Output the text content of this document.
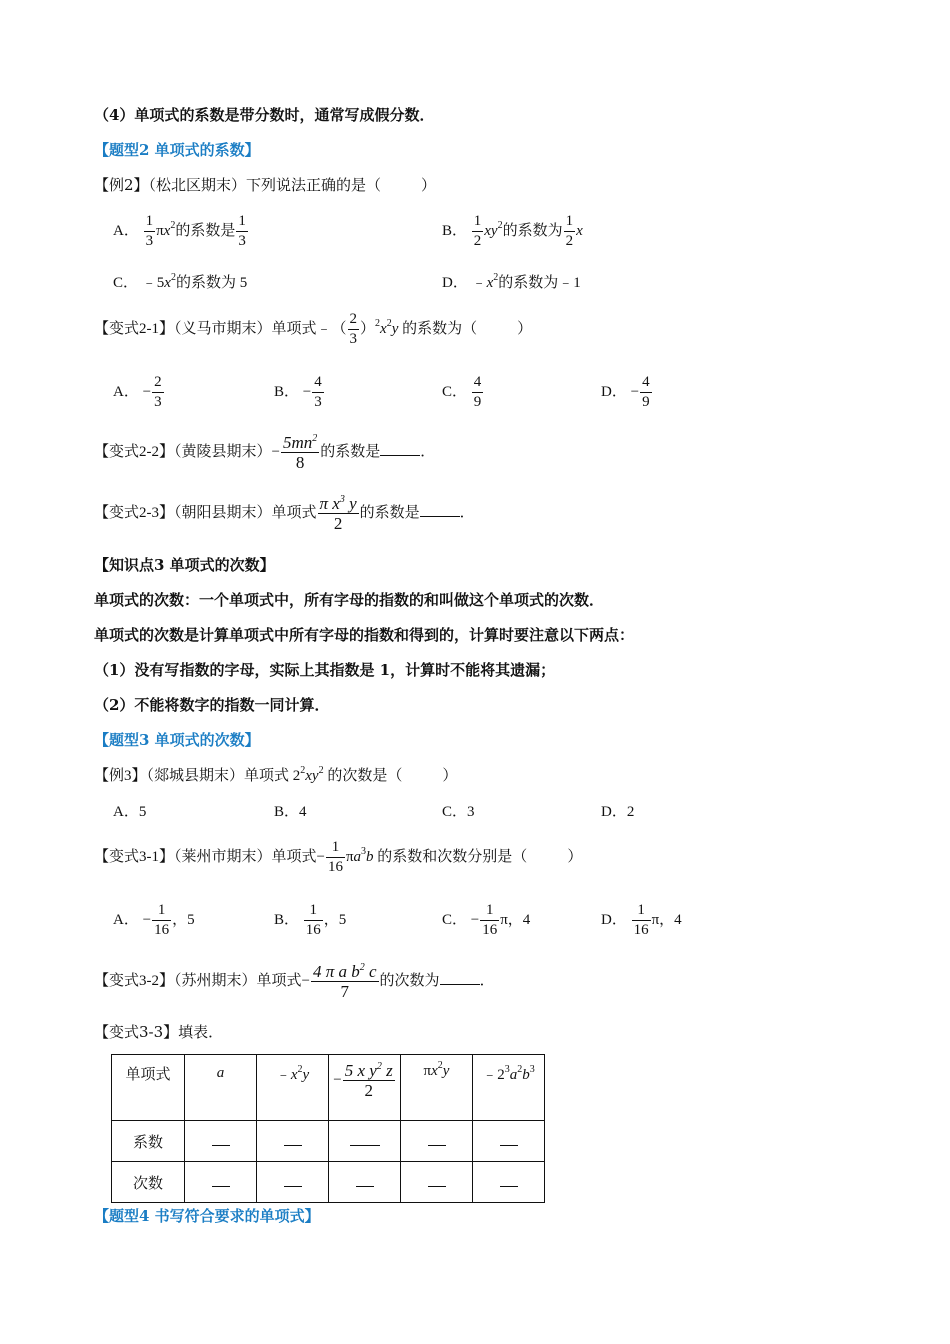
（4）单项式的系数是带分数时，通常写成假分数．
【题型2 单项式的系数】
【例2】（松北区期末）下列说法正确的是（	）
A． $\frac{1}{3} \pi x^2$的系数是 $\frac{1}{3}$	B． $\frac{1}{2} xy^2$的系数为 $\frac{1}{2}$ x
C． $﹣5x^2$的系数为 5	D． $﹣x^2$的系数为﹣1
【变式2-1】（义马市期末）单项式﹣（ $\frac{2}{3} )^2x^2y$ 的系数为（	）
A． − $\frac{2}{3}$	B． − $\frac{4}{3}$	C． $\frac{4}{9}$	D． − $\frac{4}{9}$
【变式2-2】（黄陵县期末）− $\frac{5mn^2}{8}$ 的系数是	．
【变式2-3】（朝阳县期末）单项式 $\frac{\pi x^3 y}{2}$ 的系数是	．
【知识点3 单项式的次数】
单项式的次数：一个单项式中，所有字母的指数的和叫做这个单项式的次数．
单项式的次数是计算单项式中所有字母的指数和得到的，计算时要注意以下两点：
（1）没有写指数的字母，实际上其指数是 1，计算时不能将其遗漏；
（2）不能将数字的指数一同计算．
【题型3 单项式的次数】
【例3】（郯城县期末）单项式 $2^2xy^2$ 的次数是（	）
A．5	B．4	C．3	D．2
【变式3-1】（莱州市期末）单项式− $\frac{1}{16} \pi a^3b$ 的系数和次数分别是（	）
A． − $\frac{1}{16}$ ，5	B． $\frac{1}{16}$ ，5	C． − $\frac{1}{16}$ π，4	D． $\frac{1}{16}$ π，4
【变式3-2】（苏州期末）单项式− $\frac{4 \pi a b^2 c}{7}$ 的次数为	．
【变式3-3】填表．
单项式	a	$﹣x^2y$	− $\frac{5 x y^2 z}{2}$	$\pi x^2y$	$﹣2^3a^2b^3$
系数					
次数					
【题型4 书写符合要求的单项式】
